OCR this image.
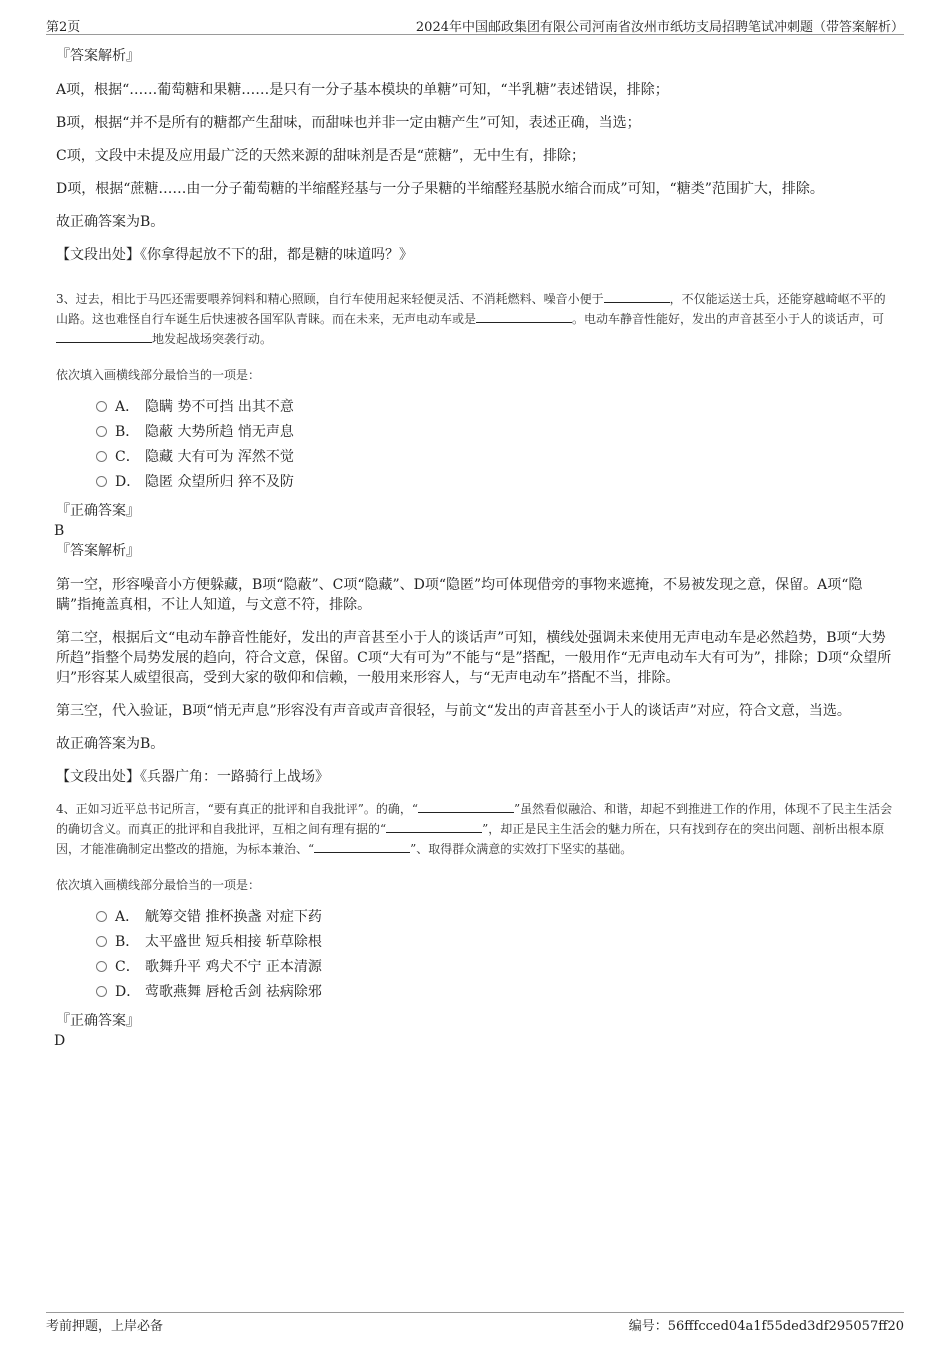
第2页	2024年中国邮政集团有限公司河南省汝州市纸坊支局招聘笔试冲刺题（带答案解析）

『答案解析』

A项，根据“……葡萄糖和果糖……是只有一分子基本模块的单糖”可知，“半乳糖”表述错误，排除；

B项，根据“并不是所有的糖都产生甜味，而甜味也并非一定由糖产生”可知，表述正确，当选；

C项，文段中未提及应用最广泛的天然来源的甜味剂是否是“蔗糖”，无中生有，排除；

D项，根据“蔗糖……由一分子葡萄糖的半缩醛羟基与一分子果糖的半缩醛羟基脱水缩合而成”可知，“糖类”范围扩大，排除。

故正确答案为B。

【文段出处】《你拿得起放不下的甜，都是糖的味道吗？》

3、过去，相比于马匹还需要喂养饲料和精心照顾，自行车使用起来轻便灵活、不消耗燃料、噪音小便于	，不仅能运送士兵，还能穿越崎岖不平的山路。这也难怪自行车诞生后快速被各国军队青睐。而在未来，无声电动车或是	。电动车静音性能好，发出的声音甚至小于人的谈话声，可地发起战场突袭行动。

依次填入画横线部分最恰当的一项是：

A． 隐瞒 势不可挡 出其不意
B． 隐蔽 大势所趋 悄无声息
C． 隐藏 大有可为 浑然不觉
D． 隐匿 众望所归 猝不及防

『正确答案』

B

『答案解析』

第一空，形容噪音小方便躲藏，B项“隐蔽”、C项“隐藏”、D项“隐匿”均可体现借旁的事物来遮掩，不易被发现之意，保留。A项“隐瞒”指掩盖真相，不让人知道，与文意不符，排除。

第二空，根据后文“电动车静音性能好，发出的声音甚至小于人的谈话声”可知，横线处强调未来使用无声电动车是必然趋势，B项“大势所趋”指整个局势发展的趋向，符合文意，保留。C项“大有可为”不能与“是”搭配，一般用作“无声电动车大有可为”，排除；D项“众望所归”形容某人威望很高，受到大家的敬仰和信赖，一般用来形容人，与“无声电动车”搭配不当，排除。

第三空，代入验证，B项“悄无声息”形容没有声音或声音很轻，与前文“发出的声音甚至小于人的谈话声”对应，符合文意，当选。

故正确答案为B。

【文段出处】《兵器广角：一路骑行上战场》

4、正如习近平总书记所言，“要有真正的批评和自我批评”。的确，“	”虽然看似融洽、和谐，却起不到推进工作的作用，体现不了民主生活会的确切含义。而真正的批评和自我批评，互相之间有理有据的“	”，却正是民主生活会的魅力所在，只有找到存在的突出问题、剖析出根本原因，才能准确制定出整改的措施，为标本兼治、“	”、取得群众满意的实效打下坚实的基础。

依次填入画横线部分最恰当的一项是：

A． 觥筹交错 推杯换盏 对症下药
B． 太平盛世 短兵相接 斩草除根
C． 歌舞升平 鸡犬不宁 正本清源
D． 莺歌燕舞 唇枪舌剑 祛病除邪

『正确答案』

D

考前押题，上岸必备	编号：56fffcced04a1f55ded3df295057ff20
